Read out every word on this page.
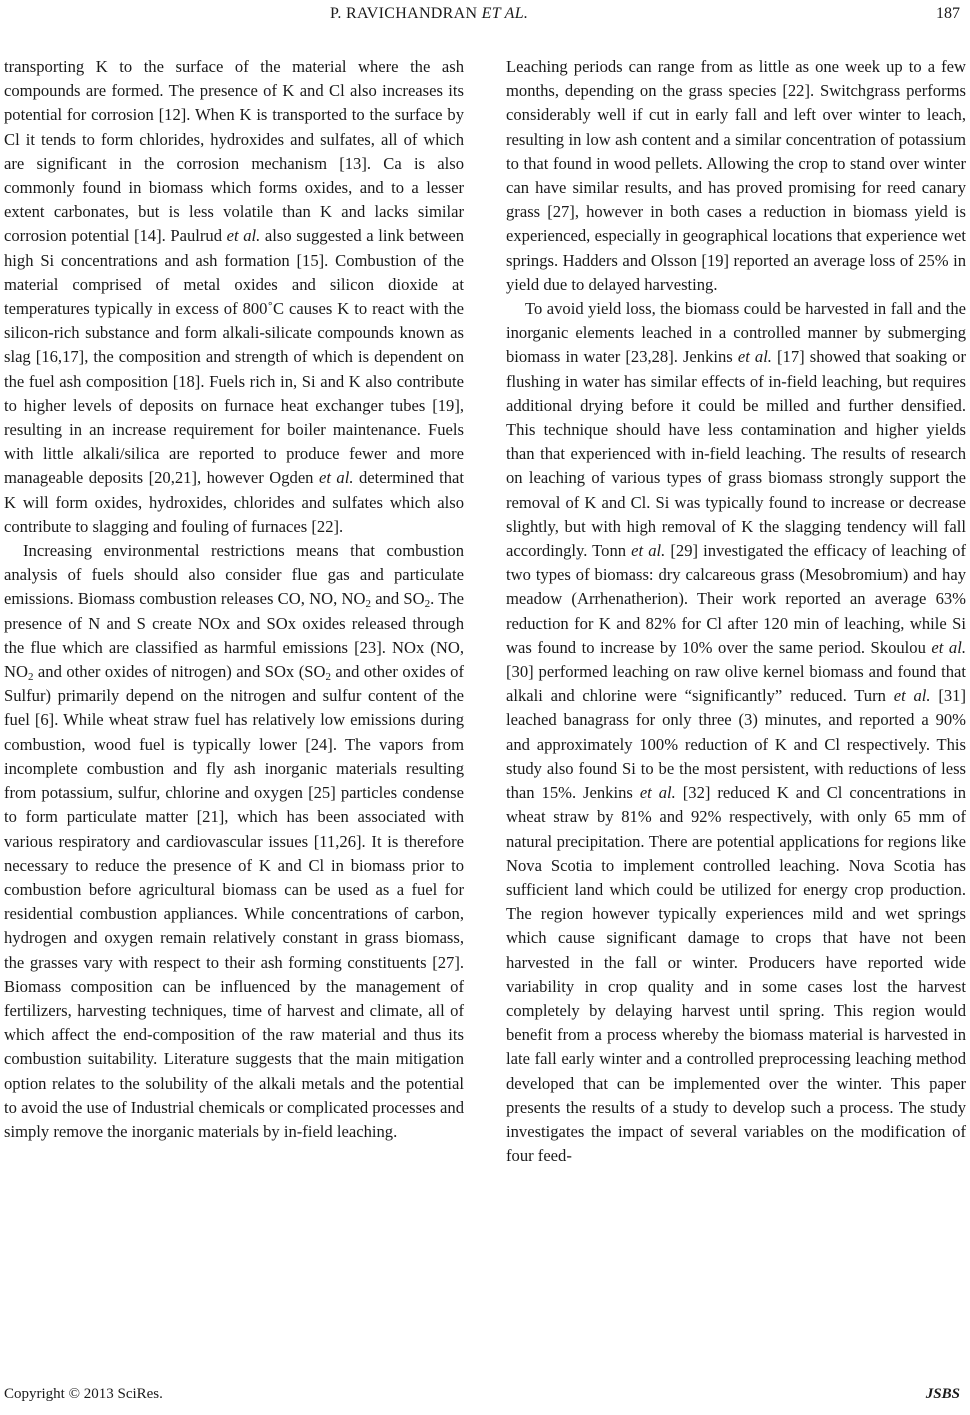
P. RAVICHANDRAN ET AL.	187

transporting K to the surface of the material where the ash compounds are formed. The presence of K and Cl also increases its potential for corrosion [12]. When K is transported to the surface by Cl it tends to form chlorides, hydroxides and sulfates, all of which are significant in the corrosion mechanism [13]. Ca is also commonly found in biomass which forms oxides, and to a lesser extent carbonates, but is less volatile than K and lacks similar corrosion potential [14]. Paulrud et al. also suggested a link between high Si concentrations and ash formation [15]. Combustion of the material comprised of metal oxides and silicon dioxide at temperatures typically in excess of 800˚C causes K to react with the silicon-rich substance and form alkali-silicate compounds known as slag [16,17], the composition and strength of which is dependent on the fuel ash composition [18]. Fuels rich in, Si and K also contribute to higher levels of deposits on furnace heat exchanger tubes [19], resulting in an increase requirement for boiler maintenance. Fuels with little alkali/silica are reported to produce fewer and more manageable deposits [20,21], however Ogden et al. determined that K will form oxides, hydroxides, chlorides and sulfates which also contribute to slagging and fouling of furnaces [22].

Increasing environmental restrictions means that combustion analysis of fuels should also consider flue gas and particulate emissions. Biomass combustion releases CO, NO, $NO_2$ and $SO_2$. The presence of N and S create NOx and SOx oxides released through the flue which are classified as harmful emissions [23]. NOx (NO, $NO_2$ and other oxides of nitrogen) and SOx ($SO_2$ and other oxides of Sulfur) primarily depend on the nitrogen and sulfur content of the fuel [6]. While wheat straw fuel has relatively low emissions during combustion, wood fuel is typically lower [24]. The vapors from incomplete combustion and fly ash inorganic materials resulting from potassium, sulfur, chlorine and oxygen [25] particles condense to form particulate matter [21], which has been associated with various respiratory and cardiovascular issues [11,26]. It is therefore necessary to reduce the presence of K and Cl in biomass prior to combustion before agricultural biomass can be used as a fuel for residential combustion appliances. While concentrations of carbon, hydrogen and oxygen remain relatively constant in grass biomass, the grasses vary with respect to their ash forming constituents [27]. Biomass composition can be influenced by the management of fertilizers, harvesting techniques, time of harvest and climate, all of which affect the end-composition of the raw material and thus its combustion suitability. Literature suggests that the main mitigation option relates to the solubility of the alkali metals and the potential to avoid the use of Industrial chemicals or complicated processes and simply remove the inorganic materials by in-field leaching.

Leaching periods can range from as little as one week up to a few months, depending on the grass species [22]. Switchgrass performs considerably well if cut in early fall and left over winter to leach, resulting in low ash content and a similar concentration of potassium to that found in wood pellets. Allowing the crop to stand over winter can have similar results, and has proved promising for reed canary grass [27], however in both cases a reduction in biomass yield is experienced, especially in geographical locations that experience wet springs. Hadders and Olsson [19] reported an average loss of 25% in yield due to delayed harvesting.

To avoid yield loss, the biomass could be harvested in fall and the inorganic elements leached in a controlled manner by submerging biomass in water [23,28]. Jenkins et al. [17] showed that soaking or flushing in water has similar effects of in-field leaching, but requires additional drying before it could be milled and further densified. This technique should have less contamination and higher yields than that experienced with in-field leaching. The results of research on leaching of various types of grass biomass strongly support the removal of K and Cl. Si was typically found to increase or decrease slightly, but with high removal of K the slagging tendency will fall accordingly. Tonn et al. [29] investigated the efficacy of leaching of two types of biomass: dry calcareous grass (Mesobromium) and hay meadow (Arrhenatherion). Their work reported an average 63% reduction for K and 82% for Cl after 120 min of leaching, while Si was found to increase by 10% over the same period. Skoulou et al. [30] performed leaching on raw olive kernel biomass and found that alkali and chlorine were “significantly” reduced. Turn et al. [31] leached banagrass for only three (3) minutes, and reported a 90% and approximately 100% reduction of K and Cl respectively. This study also found Si to be the most persistent, with reductions of less than 15%. Jenkins et al. [32] reduced K and Cl concentrations in wheat straw by 81% and 92% respectively, with only 65 mm of natural precipitation. There are potential applications for regions like Nova Scotia to implement controlled leaching. Nova Scotia has sufficient land which could be utilized for energy crop production. The region however typically experiences mild and wet springs which cause significant damage to crops that have not been harvested in the fall or winter. Producers have reported wide variability in crop quality and in some cases lost the harvest completely by delaying harvest until spring. This region would benefit from a process whereby the biomass material is harvested in late fall early winter and a controlled preprocessing leaching method developed that can be implemented over the winter. This paper presents the results of a study to develop such a process. The study investigates the impact of several variables on the modification of four feed-

Copyright © 2013 SciRes.	JSBS
